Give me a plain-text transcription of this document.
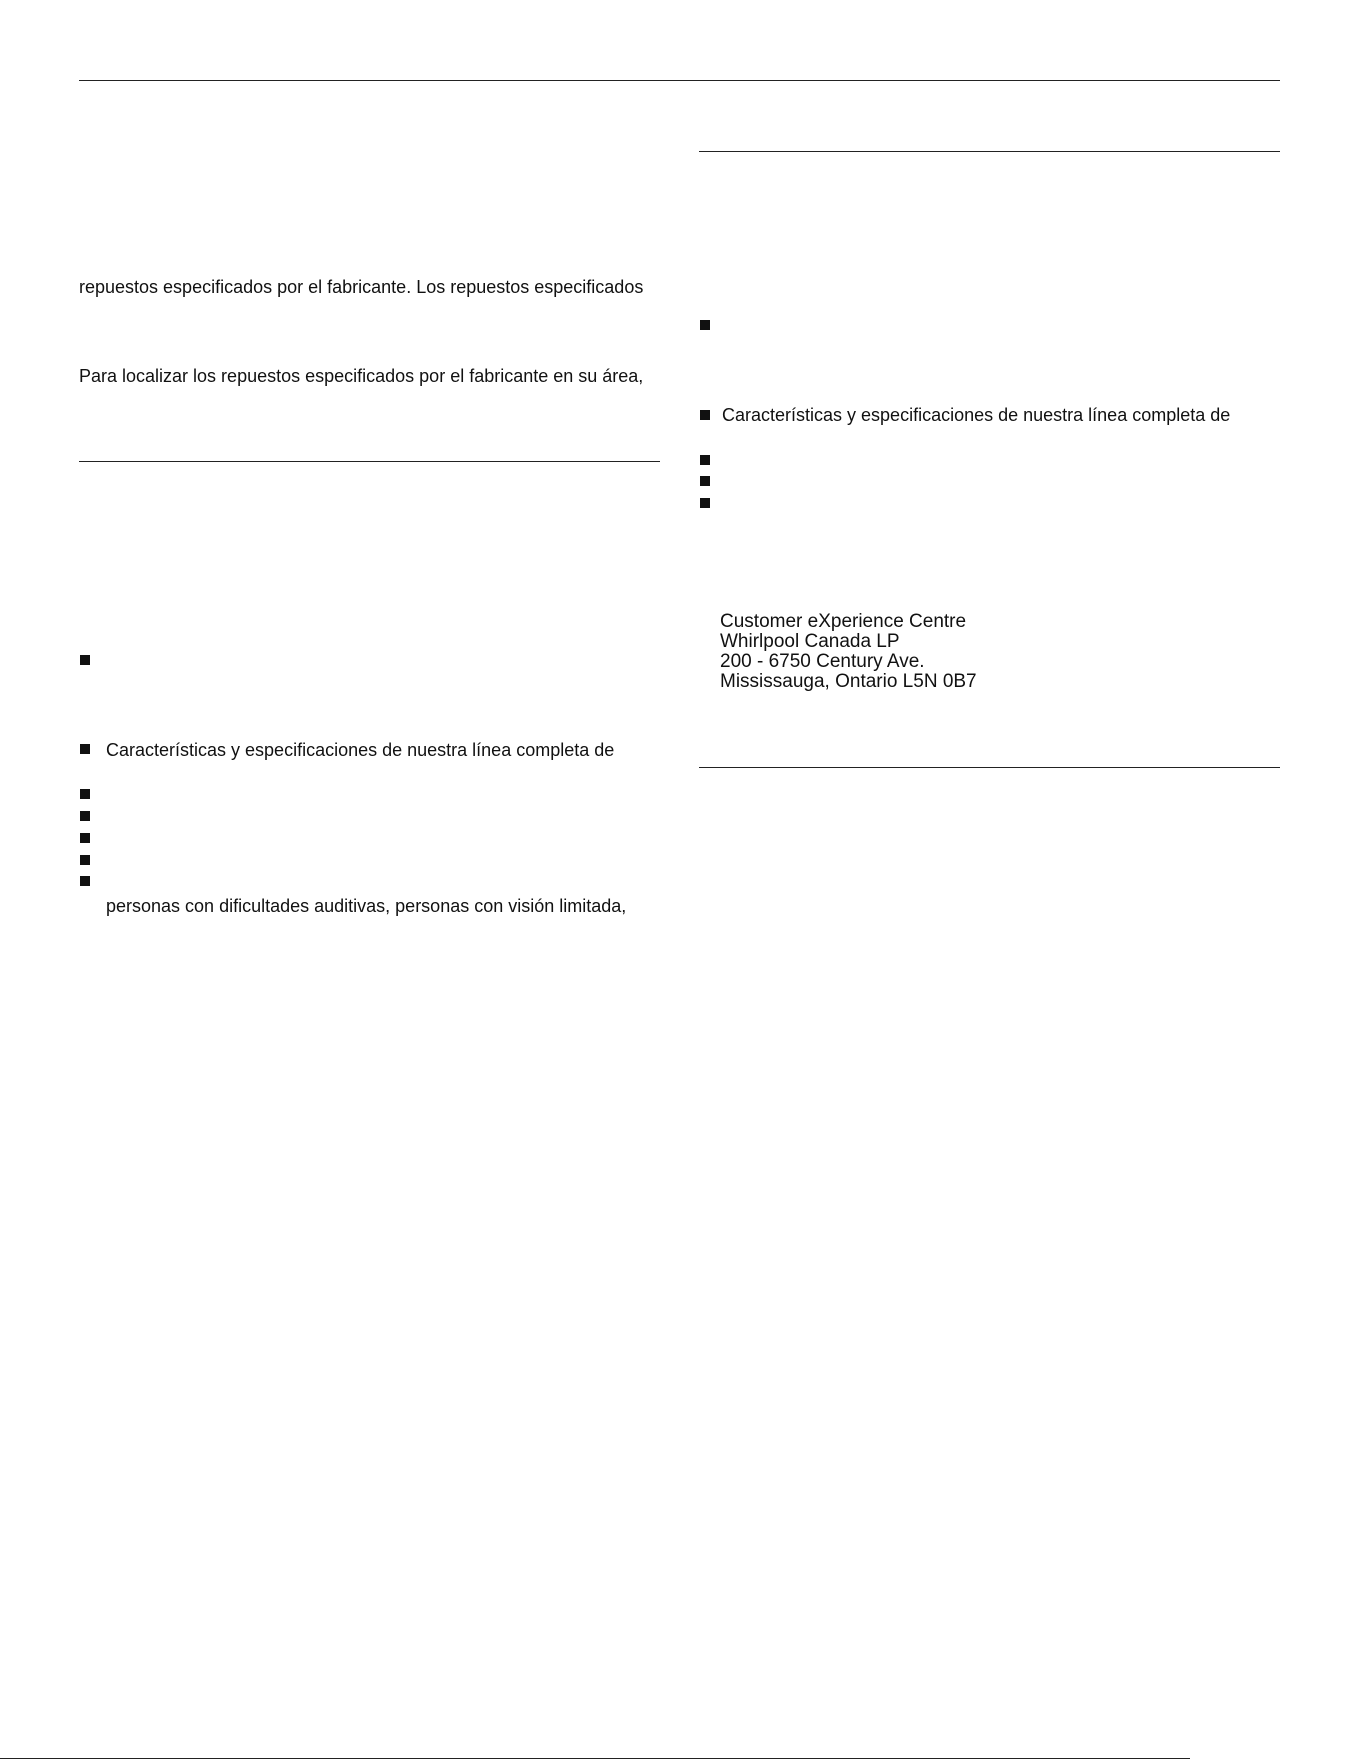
repuestos especificados por el fabricante. Los repuestos especificados

Para localizar los repuestos especificados por el fabricante en su área,

Características y especificaciones de nuestra línea completa de

personas con dificultades auditivas, personas con visión limitada,

Características y especificaciones de nuestra línea completa de

Customer eXperience Centre
Whirlpool Canada LP
200 - 6750 Century Ave.
Mississauga, Ontario L5N 0B7
